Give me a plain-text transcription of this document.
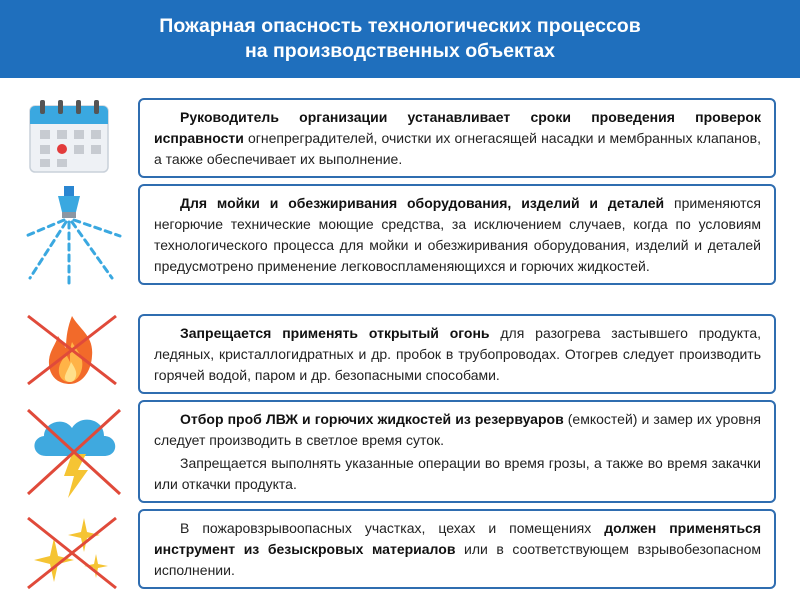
Пожарная опасность технологических процессов
на производственных объектах

Руководитель организации устанавливает сроки проведения проверок исправности огнепреградителей, очистки их огнегасящей насадки и мембранных клапанов, а также обеспечивает их выполнение.

Для мойки и обезжиривания оборудования, изделий и деталей применяются негорючие технические моющие средства, за исключением случаев, когда по условиям технологического процесса для мойки и обезжиривания оборудования, изделий и деталей предусмотрено применение легковоспламеняющихся и горючих жидкостей.

Запрещается применять открытый огонь для разогрева застывшего продукта, ледяных, кристаллогидратных и др. пробок в трубопроводах. Отогрев следует производить горячей водой, паром и др. безопасными способами.

Отбор проб ЛВЖ и горючих жидкостей из резервуаров (емкостей) и замер их уровня следует производить в светлое время суток.

Запрещается выполнять указанные операции во время грозы, а также во время закачки или откачки продукта.

В пожаровзрывоопасных участках, цехах и помещениях должен применяться инструмент из безыскровых материалов или в соответствующем взрывобезопасном исполнении.
